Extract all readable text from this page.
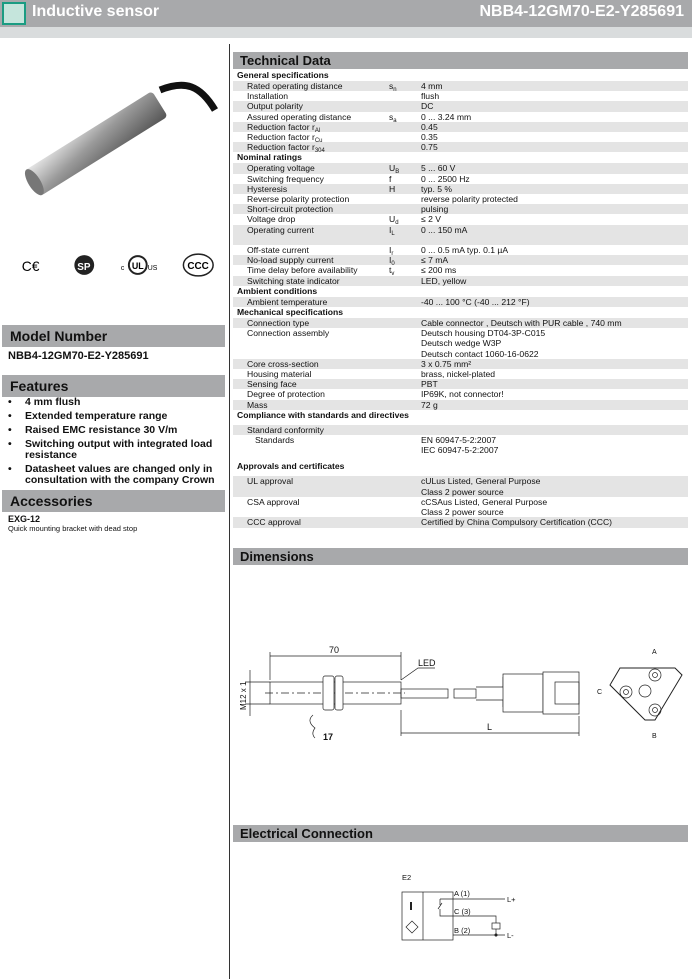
Inductive sensor	NBB4-12GM70-E2-Y285691
C€	SP	c UL US	CCC
Model Number
NBB4-12GM70-E2-Y285691
Features
•	4 mm flush
•	Extended temperature range
•	Raised EMC resistance 30 V/m
•	Switching output with integrated load resistance
•	Datasheet values are changed only in consultation with the company Crown
Accessories
EXG-12
Quick mounting bracket with dead stop
Technical Data
General specifications
Rated operating distance	$s_n$	4 mm
Installation	flush
Output polarity	DC
Assured operating distance	$s_a$	0 ... 3.24 mm
Reduction factor $r_{Al}$	0.45
Reduction factor $r_{Cu}$	0.35
Reduction factor $r_{304}$	0.75
Nominal ratings
Operating voltage	$U_B$	5 ... 60 V
Switching frequency	f	0 ... 2500 Hz
Hysteresis	H	typ. 5 %
Reverse polarity protection	reverse polarity protected
Short-circuit protection	pulsing
Voltage drop	$U_d$	≤ 2 V
Operating current	$I_L$	0 ... 150 mA
Off-state current	$I_r$	0 ... 0.5 mA typ. 0.1 µA
No-load supply current	$I_0$	≤ 7 mA
Time delay before availability	$t_v$	≤ 200 ms
Switching state indicator	LED, yellow
Ambient conditions
Ambient temperature	-40 ... 100 °C (-40 ... 212 °F)
Mechanical specifications
Connection type	Cable connector , Deutsch with PUR cable , 740 mm
Connection assembly	Deutsch housing DT04-3P-C015
Deutsch wedge W3P
Deutsch contact 1060-16-0622
Core cross-section	3 x 0.75 mm²
Housing material	brass, nickel-plated
Sensing face	PBT
Degree of protection	IP69K, not connector!
Mass	72 g
Compliance with standards and directives
Standard conformity
Standards	EN 60947-5-2:2007
IEC 60947-5-2:2007
Approvals and certificates
UL approval	cULus Listed, General Purpose
Class 2 power source
CSA approval	cCSAus Listed, General Purpose
Class 2 power source
CCC approval	Certified by China Compulsory Certification (CCC)
Dimensions
70
M12 x 1
LED
L
17
A
B
C
Electrical Connection
E2
A (1)
C (3)
B (2)
L+
L-
